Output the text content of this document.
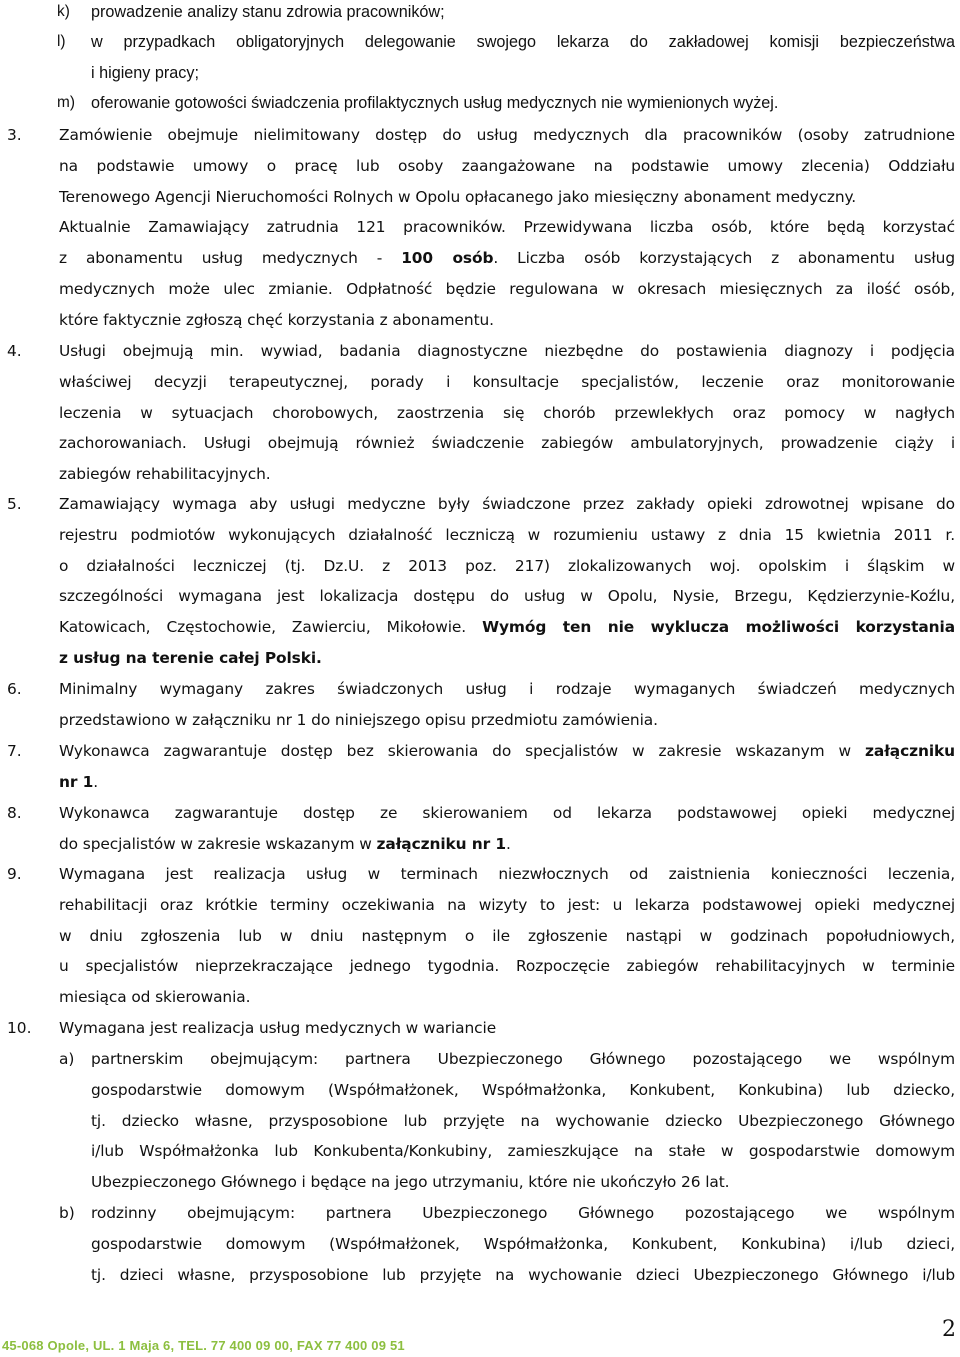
k) prowadzenie analizy stanu zdrowia pracowników;
l) w przypadkach obligatoryjnych delegowanie swojego lekarza do zakładowej komisji bezpieczeństwa
i higieny pracy;
m) oferowanie gotowości świadczenia profilaktycznych usług medycznych nie wymienionych wyżej.
3. Zamówienie obejmuje nielimitowany dostęp do usług medycznych dla pracowników (osoby zatrudnione
na podstawie umowy o pracę lub osoby zaangażowane na podstawie umowy zlecenia) Oddziału
Terenowego Agencji Nieruchomości Rolnych w Opolu opłacanego jako miesięczny abonament medyczny.
Aktualnie Zamawiający zatrudnia 121 pracowników. Przewidywana liczba osób, które będą korzystać
z abonamentu usług medycznych - 100 osób. Liczba osób korzystających z abonamentu usług
medycznych może ulec zmianie. Odpłatność będzie regulowana w okresach miesięcznych za ilość osób,
które faktycznie zgłoszą chęć korzystania z abonamentu.
4. Usługi obejmują min. wywiad, badania diagnostyczne niezbędne do postawienia diagnozy i podjęcia
właściwej decyzji terapeutycznej, porady i konsultacje specjalistów, leczenie oraz monitorowanie
leczenia w sytuacjach chorobowych, zaostrzenia się chorób przewlekłych oraz pomocy w nagłych
zachorowaniach. Usługi obejmują również świadczenie zabiegów ambulatoryjnych, prowadzenie ciąży i
zabiegów rehabilitacyjnych.
5. Zamawiający wymaga aby usługi medyczne były świadczone przez zakłady opieki zdrowotnej wpisane do
rejestru podmiotów wykonujących działalność leczniczą w rozumieniu ustawy z dnia 15 kwietnia 2011 r.
o działalności leczniczej (tj. Dz.U. z 2013 poz. 217) zlokalizowanych woj. opolskim i śląskim w
szczególności wymagana jest lokalizacja dostępu do usług w Opolu, Nysie, Brzegu, Kędzierzynie-Koźlu,
Katowicach, Częstochowie, Zawierciu, Mikołowie. Wymóg ten nie wyklucza możliwości korzystania
z usług na terenie całej Polski.
6. Minimalny wymagany zakres świadczonych usług i rodzaje wymaganych świadczeń medycznych
przedstawiono w załączniku nr 1 do niniejszego opisu przedmiotu zamówienia.
7. Wykonawca zagwarantuje dostęp bez skierowania do specjalistów w zakresie wskazanym w załączniku
nr 1.
8. Wykonawca zagwarantuje dostęp ze skierowaniem od lekarza podstawowej opieki medycznej
do specjalistów w zakresie wskazanym w załączniku nr 1.
9. Wymagana jest realizacja usług w terminach niezwłocznych od zaistnienia konieczności leczenia,
rehabilitacji oraz krótkie terminy oczekiwania na wizyty to jest: u lekarza podstawowej opieki medycznej
w dniu zgłoszenia lub w dniu następnym o ile zgłoszenie nastąpi w godzinach popołudniowych,
u specjalistów nieprzekraczające jednego tygodnia. Rozpoczęcie zabiegów rehabilitacyjnych w terminie
miesiąca od skierowania.
10. Wymagana jest realizacja usług medycznych w wariancie
a) partnerskim obejmującym: partnera Ubezpieczonego Głównego pozostającego we wspólnym
gospodarstwie domowym (Współmałżonek, Współmałżonka, Konkubent, Konkubina) lub dziecko,
tj. dziecko własne, przysposobione lub przyjęte na wychowanie dziecko Ubezpieczonego Głównego
i/lub Współmałżonka lub Konkubenta/Konkubiny, zamieszkujące na stałe w gospodarstwie domowym
Ubezpieczonego Głównego i będące na jego utrzymaniu, które nie ukończyło 26 lat.
b) rodzinny obejmującym: partnera Ubezpieczonego Głównego pozostającego we wspólnym
gospodarstwie domowym (Współmałżonek, Współmałżonka, Konkubent, Konkubina) i/lub dzieci,
tj. dzieci własne, przysposobione lub przyjęte na wychowanie dzieci Ubezpieczonego Głównego i/lub
2
45-068 Opole, UL. 1 Maja 6, TEL. 77 400 09 00, FAX 77 400 09 51
